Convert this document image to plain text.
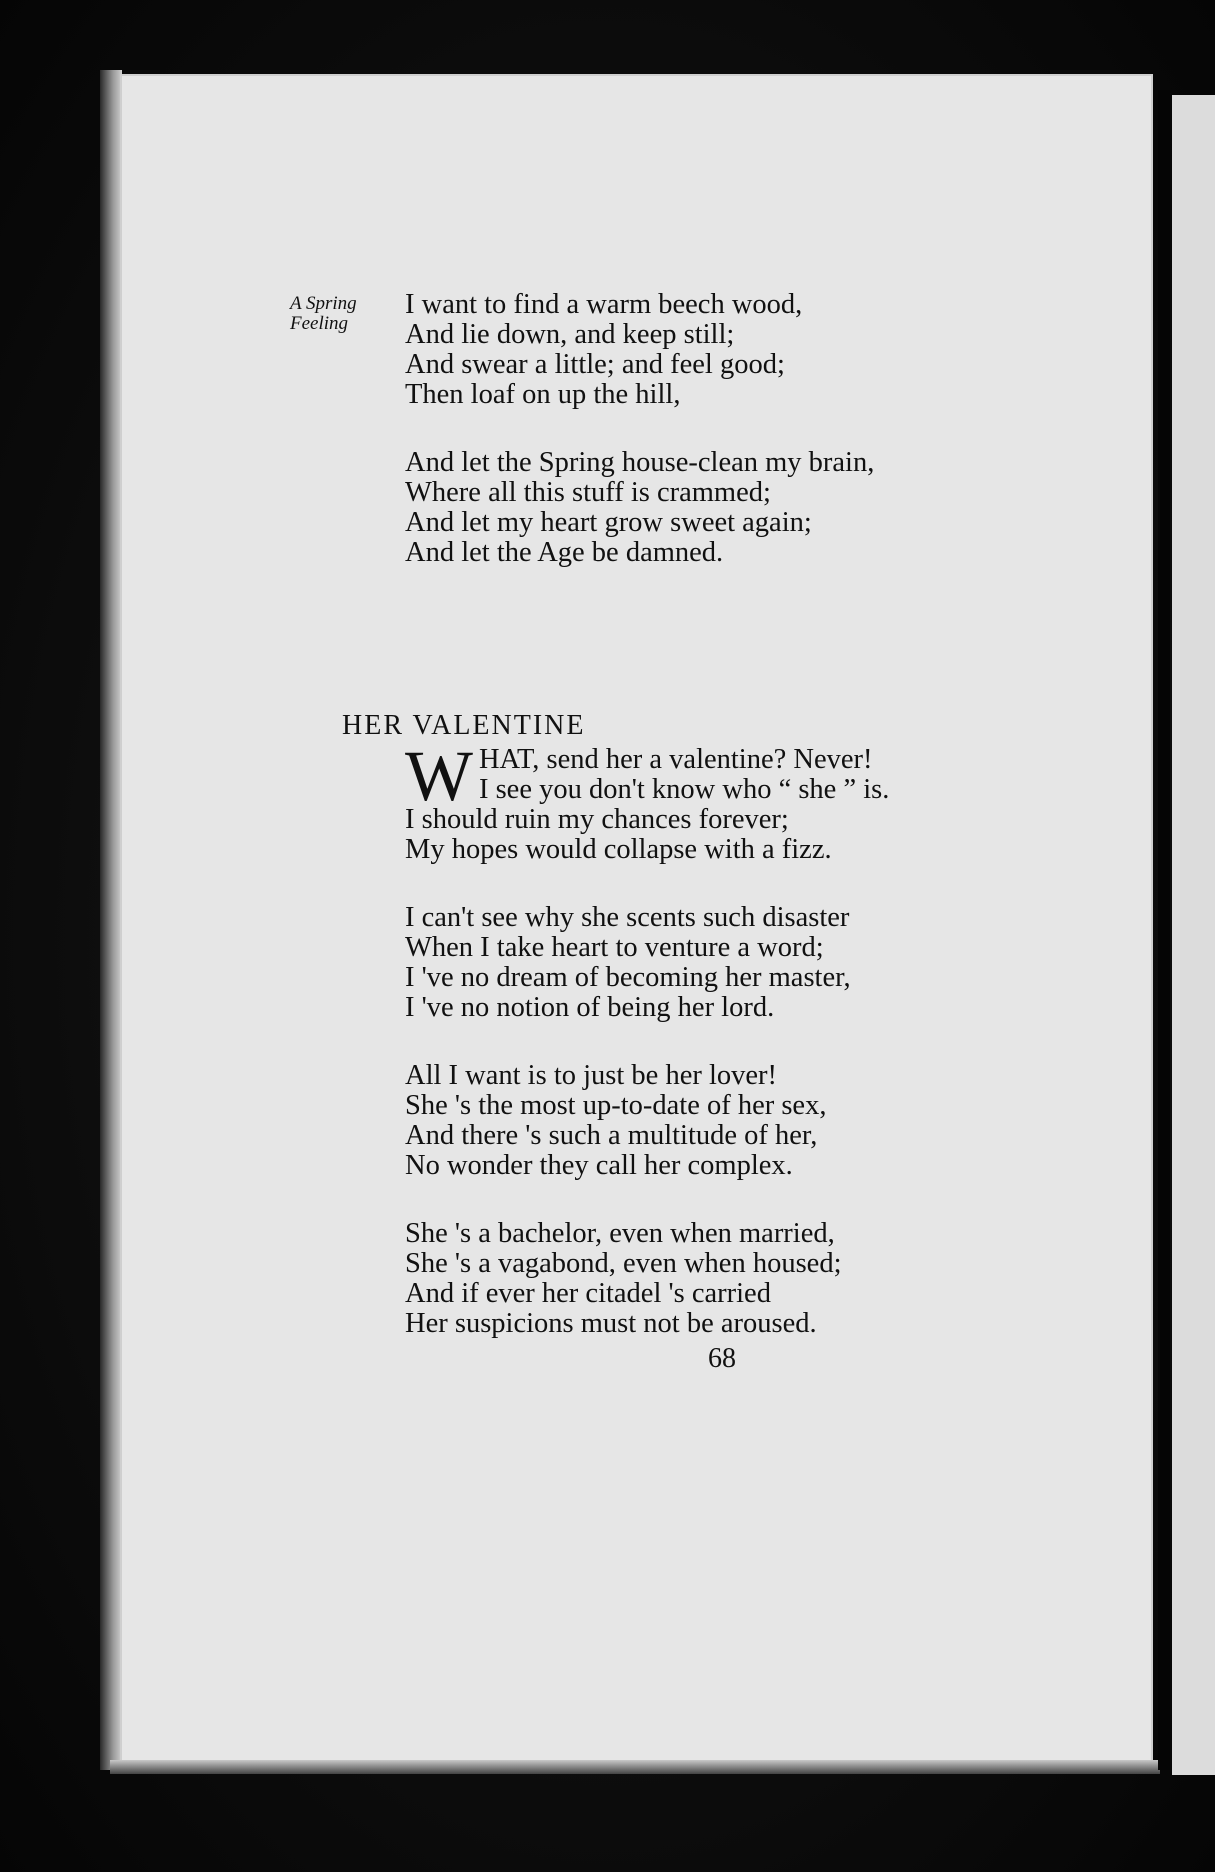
A Spring
Feeling
I want to find a warm beech wood,
And lie down, and keep still;
And swear a little; and feel good;
Then loaf on up the hill,
And let the Spring house-clean my brain,
Where all this stuff is crammed;
And let my heart grow sweet again;
And let the Age be damned.
HER VALENTINE
W HAT, send her a valentine? Never!
I see you don't know who “ she ” is.
I should ruin my chances forever;
My hopes would collapse with a fizz.
I can't see why she scents such disaster
When I take heart to venture a word;
I 've no dream of becoming her master,
I 've no notion of being her lord.
All I want is to just be her lover!
She 's the most up-to-date of her sex,
And there 's such a multitude of her,
No wonder they call her complex.
She 's a bachelor, even when married,
She 's a vagabond, even when housed;
And if ever her citadel 's carried
Her suspicions must not be aroused.
68
